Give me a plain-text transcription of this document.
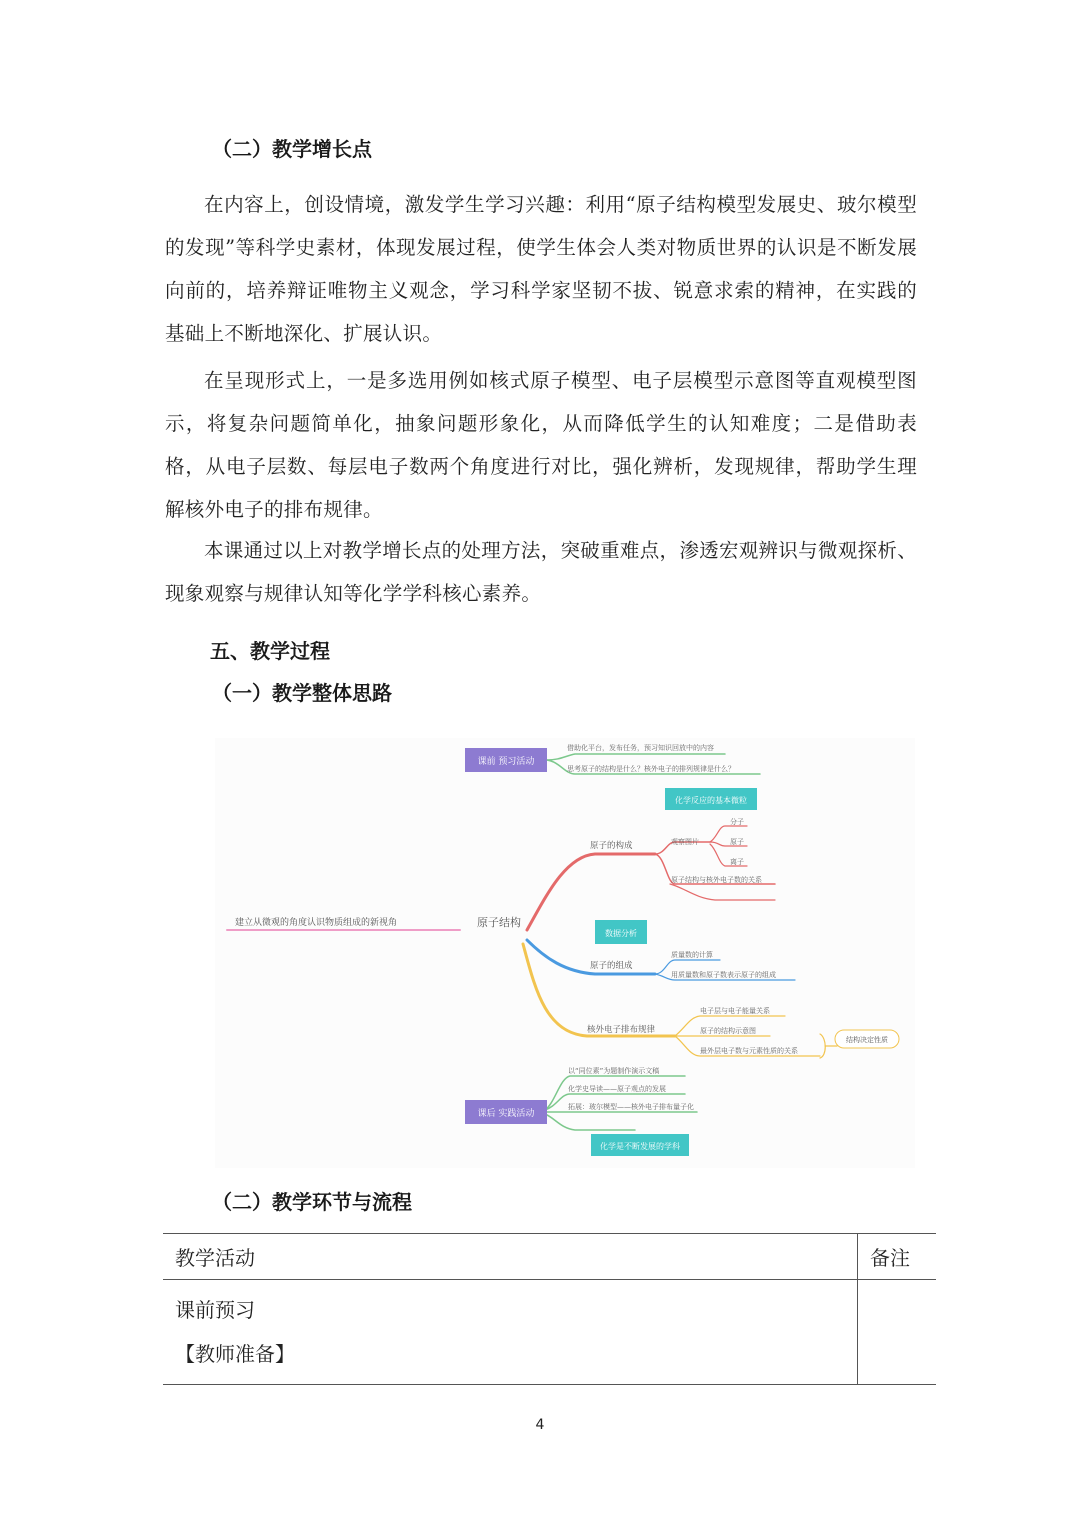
（二）教学增长点

在内容上，创设情境，激发学生学习兴趣：利用“原子结构模型发展史、玻尔模型的发现”等科学史素材，体现发展过程，使学生体会人类对物质世界的认识是不断发展向前的，培养辩证唯物主义观念，学习科学家坚韧不拔、锐意求索的精神，在实践的基础上不断地深化、扩展认识。

在呈现形式上，一是多选用例如核式原子模型、电子层模型示意图等直观模型图示，将复杂问题简单化，抽象问题形象化，从而降低学生的认知难度；二是借助表格，从电子层数、每层电子数两个角度进行对比，强化辨析，发现规律，帮助学生理解核外电子的排布规律。

本课通过以上对教学增长点的处理方法，突破重难点，渗透宏观辨识与微观探析、现象观察与规律认知等化学学科核心素养。

五、教学过程
（一）教学整体思路
课前 预习活动
化学反应的基本微粒
数据分析
课后 实践活动
化学是不断发展的学科
结构决定性质
建立从微观的角度认识物质组成的新视角	原子结构
借助化平台，发布任务，预习知识回放中的内容
思考原子的结构是什么？核外电子的排列规律是什么？
原子的构成	观察图片
分子
原子
离子
原子结构与核外电子数的关系
原子的组成
质量数的计算
用质量数和原子数表示原子的组成
核外电子排布规律
电子层与电子能量关系
原子的结构示意图
最外层电子数与元素性质的关系
以“同位素”为题制作演示文稿
化学史导读——原子观点的发展
拓展：玻尔模型——核外电子排布量子化
（二）教学环节与流程
教学活动	备注

课前预习
【教师准备】	

4
